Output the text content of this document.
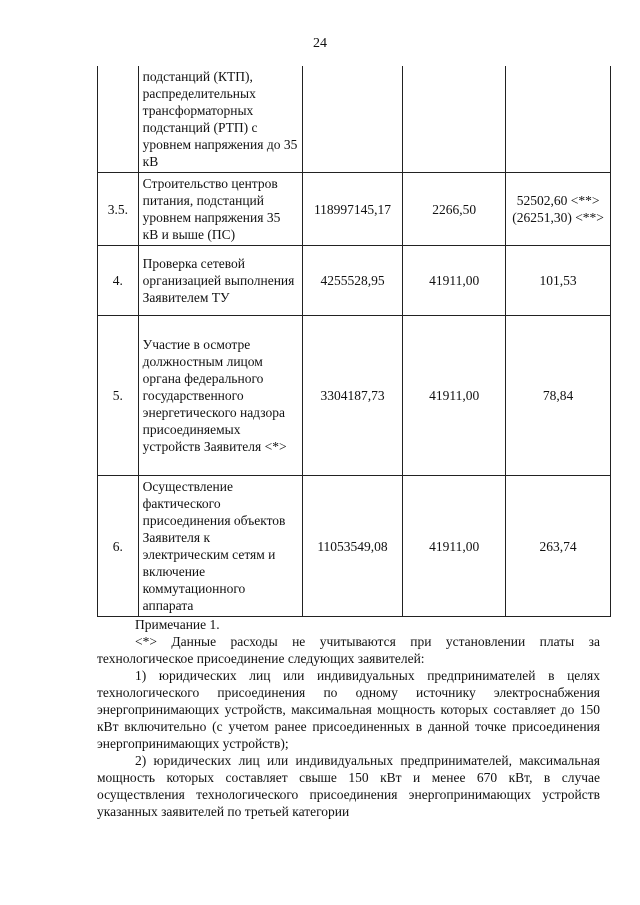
24
	подстанций (КТП), распределительных трансформаторных подстанций (РТП) с уровнем напряжения до 35 кВ			
3.5.	Строительство центров питания, подстанций уровнем напряжения 35 кВ и выше (ПС)	118997145,17	2266,50	52502,60 <**> (26251,30) <**>
4.	Проверка сетевой организацией выполнения Заявителем ТУ	4255528,95	41911,00	101,53
5.	Участие в осмотре должностным лицом органа федерального государственного энергетического надзора присоединяемых устройств Заявителя <*>	3304187,73	41911,00	78,84
6.	Осуществление фактического присоединения объектов Заявителя к электрическим сетям и включение коммутационного аппарата	11053549,08	41911,00	263,74

Примечание 1.

<*> Данные расходы не учитываются при установлении платы за технологическое присоединение следующих заявителей:

1) юридических лиц или индивидуальных предпринимателей в целях технологического присоединения по одному источнику электроснабжения энергопринимающих устройств, максимальная мощность которых составляет до 150 кВт включительно (с учетом ранее присоединенных в данной точке присоединения энергопринимающих устройств);

2) юридических лиц или индивидуальных предпринимателей, максимальная мощность которых составляет свыше 150 кВт и менее 670 кВт, в случае осуществления технологического присоединения энергопринимающих устройств указанных заявителей по третьей категории
